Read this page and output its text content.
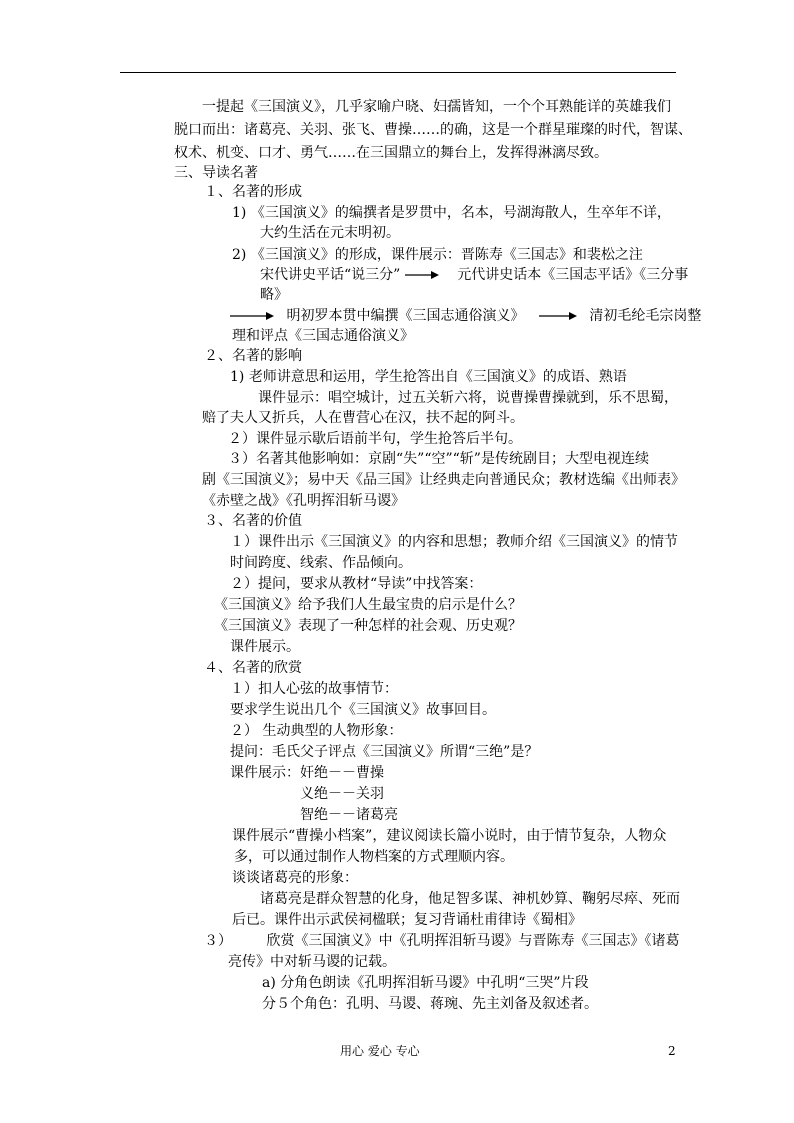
一提起《三国演义》，几乎家喻户晓、妇孺皆知，一个个耳熟能详的英雄我们
脱口而出：诸葛亮、关羽、张飞、曹操……的确，这是一个群星璀璨的时代，智谋、
权术、机变、口才、勇气……在三国鼎立的舞台上，发挥得淋漓尽致。
三、导读名著
１、名著的形成
1) 《三国演义》的编撰者是罗贯中，名本，号湖海散人，生卒年不详，
大约生活在元末明初。
2) 《三国演义》的形成，课件展示：晋陈寿《三国志》和裴松之注
宋代讲史平话“说三分”	元代讲史话本《三国志平话》《三分事
略》
明初罗本贯中编撰《三国志通俗演义》	清初毛纶毛宗岗整
理和评点《三国志通俗演义》
２、名著的影响
1) 老师讲意思和运用，学生抢答出自《三国演义》的成语、熟语
课件显示：唱空城计，过五关斩六将，说曹操曹操就到，乐不思蜀，
赔了夫人又折兵，人在曹营心在汉，扶不起的阿斗。
２）课件显示歇后语前半句，学生抢答后半句。
３）名著其他影响如：京剧“失”“空”“斩”是传统剧目；大型电视连续
剧《三国演义》；易中天《品三国》让经典走向普通民众；教材选编《出师表》
《赤壁之战》《孔明挥泪斩马谡》
３、名著的价值
１）课件出示《三国演义》的内容和思想；教师介绍《三国演义》的情节
时间跨度、线索、作品倾向。
２）提问，要求从教材“导读”中找答案：
《三国演义》给予我们人生最宝贵的启示是什么？
《三国演义》表现了一种怎样的社会观、历史观？
课件展示。
４、名著的欣赏
１）扣人心弦的故事情节：
要求学生说出几个《三国演义》故事回目。
２） 生动典型的人物形象：
提问：毛氏父子评点《三国演义》所谓“三绝”是？
课件展示：奸绝－－曹操
义绝－－关羽
智绝－－诸葛亮
课件展示“曹操小档案”，建议阅读长篇小说时，由于情节复杂，人物众
多，可以通过制作人物档案的方式理顺内容。
谈谈诸葛亮的形象：
诸葛亮是群众智慧的化身，他足智多谋、神机妙算、鞠躬尽瘁、死而
后已。课件出示武侯祠楹联；复习背诵杜甫律诗《蜀相》
３） 欣赏《三国演义》中《孔明挥泪斩马谡》与晋陈寿《三国志》《诸葛
亮传》中对斩马谡的记载。
a) 分角色朗读《孔明挥泪斩马谡》中孔明“三哭”片段
分５个角色：孔明、马谡、蒋琬、先主刘备及叙述者。
用心 爱心 专心	2
